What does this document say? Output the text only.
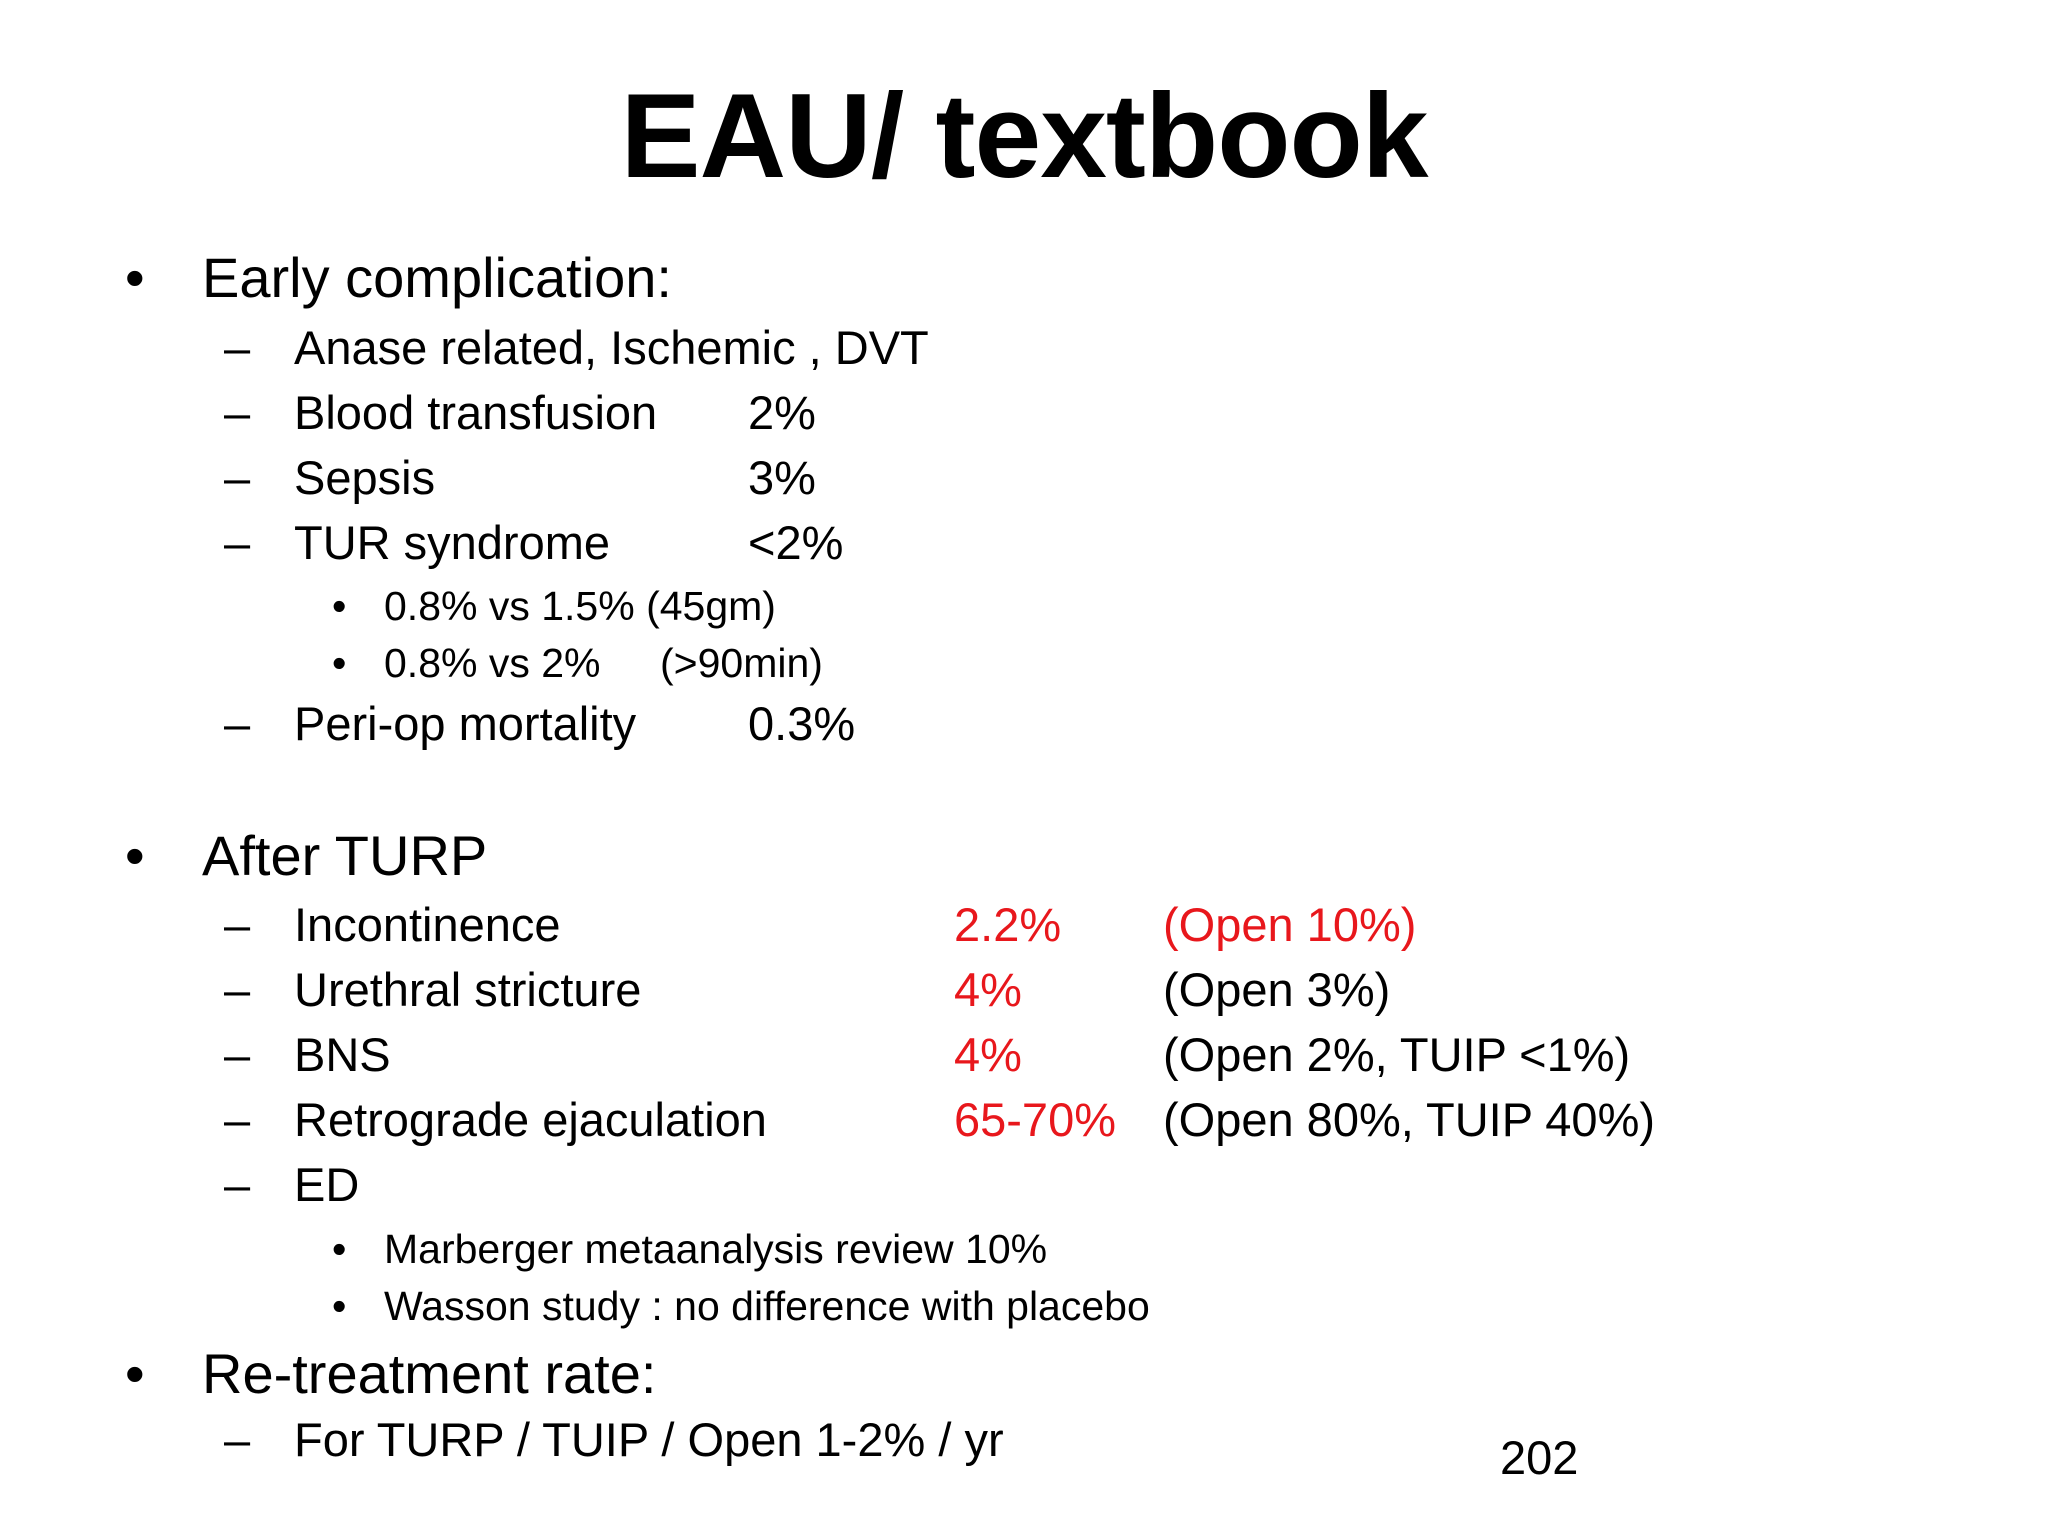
EAU/ textbook
• Early complication:
– Anase related, Ischemic , DVT
– Blood transfusion 2%
– Sepsis	3%
– TUR syndrome	<2%
• 0.8% vs 1.5% (45gm)
• 0.8% vs 2% (>90min)
– Peri-op mortality 0.3%
• After TURP
– Incontinence	2.2% (Open 10%)
– Urethral stricture	4%	(Open 3%)
– BNS	4%	(Open 2%, TUIP <1%)
– Retrograde ejaculation	65-70% (Open 80%, TUIP 40%)
– ED
• Marberger metaanalysis review 10%
• Wasson study : no difference with placebo
• Re-treatment rate:
– For TURP / TUIP / Open 1-2% / yr	202
